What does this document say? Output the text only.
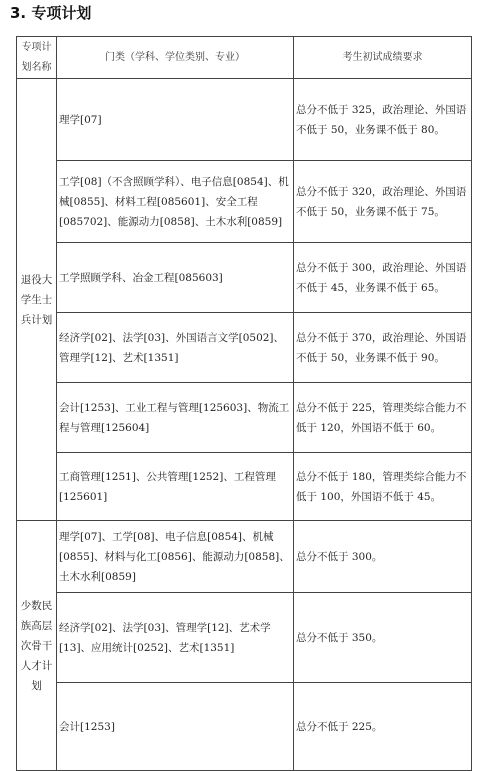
3. 专项计划
专项计划名称	门类（学科、学位类别、专业）	考生初试成绩要求
退役大学生士兵计划	理学[07]	总分不低于 325，政治理论、外国语不低于 50，业务课不低于 80。
	工学[08]（不含照顾学科）、电子信息[0854]、机械[0855]、材料工程[085601]、安全工程[085702]、能源动力[0858]、土木水利[0859]	总分不低于 320，政治理论、外国语不低于 50，业务课不低于 75。
	工学照顾学科、冶金工程[085603]	总分不低于 300，政治理论、外国语不低于 45，业务课不低于 65。
	经济学[02]、法学[03]、外国语言文学[0502]、管理学[12]、艺术[1351]	总分不低于 370，政治理论、外国语不低于 50，业务课不低于 90。
	会计[1253]、工业工程与管理[125603]、物流工程与管理[125604]	总分不低于 225，管理类综合能力不低于 120，外国语不低于 60。
	工商管理[1251]、公共管理[1252]、工程管理[125601]	总分不低于 180，管理类综合能力不低于 100，外国语不低于 45。
少数民族高层次骨干人才计划	理学[07]、工学[08]、电子信息[0854]、机械[0855]、材料与化工[0856]、能源动力[0858]、土木水利[0859]	总分不低于 300。
	经济学[02]、法学[03]、管理学[12]、艺术学[13]、应用统计[0252]、艺术[1351]	总分不低于 350。
	会计[1253]	总分不低于 225。
